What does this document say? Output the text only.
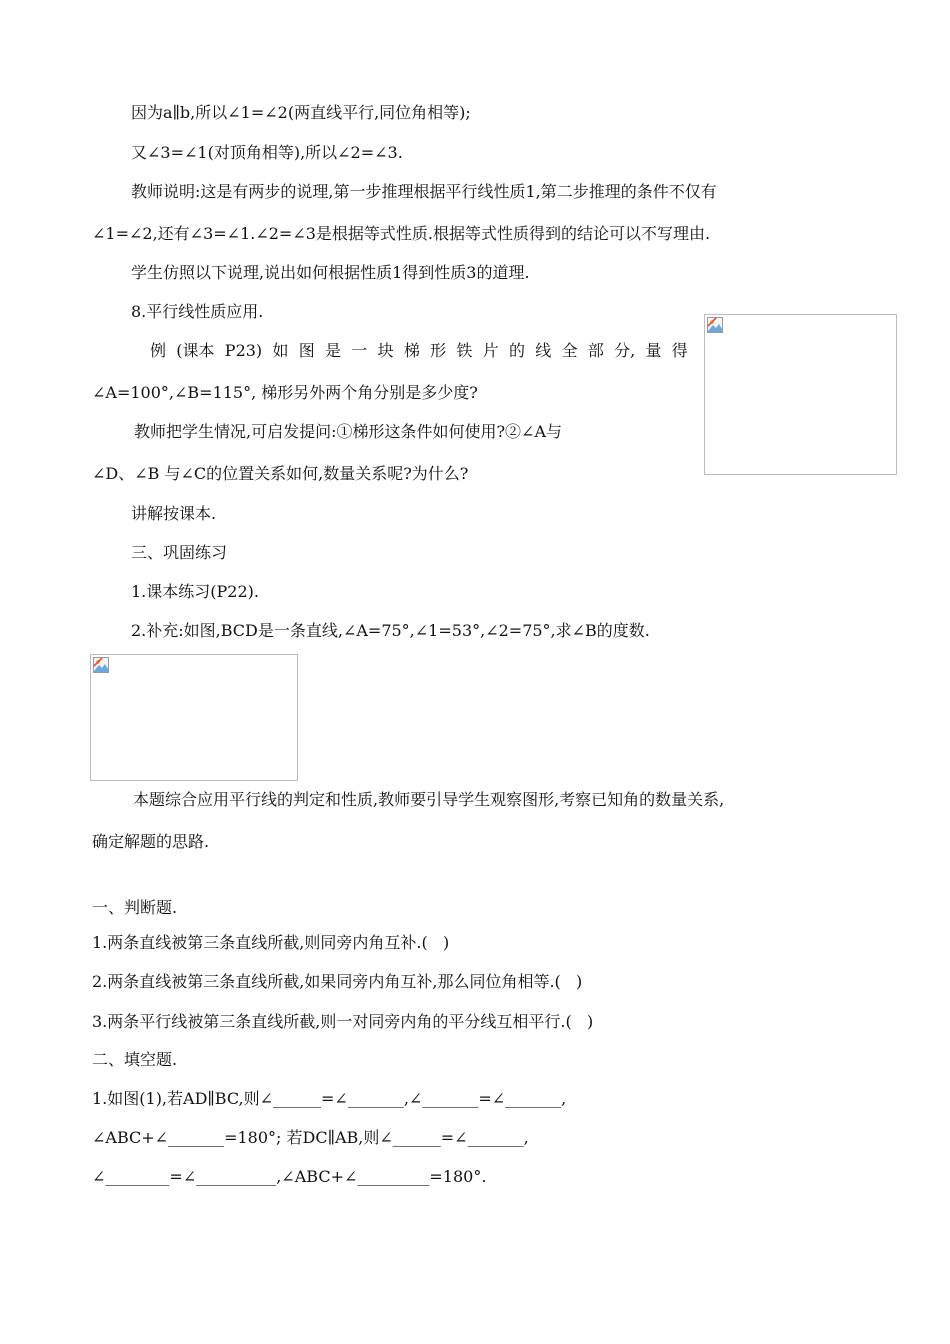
因为a∥b,所以∠1=∠2(两直线平行,同位角相等);
又∠3=∠1(对顶角相等),所以∠2=∠3.
教师说明:这是有两步的说理,第一步推理根据平行线性质1,第二步推理的条件不仅有
∠1=∠2,还有∠3=∠1.∠2=∠3是根据等式性质.根据等式性质得到的结论可以不写理由.
学生仿照以下说理,说出如何根据性质1得到性质3的道理.
8.平行线性质应用.
例 (课本 P23) 如 图 是 一 块 梯 形 铁 片 的 线 全 部 分, 量 得
∠A=100°,∠B=115°, 梯形另外两个角分别是多少度?
教师把学生情况,可启发提问:①梯形这条件如何使用?②∠A与
∠D、∠B 与∠C的位置关系如何,数量关系呢?为什么?
讲解按课本.
三、巩固练习
1.课本练习(P22).
2.补充:如图,BCD是一条直线,∠A=75°,∠1=53°,∠2=75°,求∠B的度数.
本题综合应用平行线的判定和性质,教师要引导学生观察图形,考察已知角的数量关系,
确定解题的思路.
一、判断题.
1.两条直线被第三条直线所截,则同旁内角互补.(   )
2.两条直线被第三条直线所截,如果同旁内角互补,那么同位角相等.(   )
3.两条平行线被第三条直线所截,则一对同旁内角的平分线互相平行.(   )
二、填空题.
1.如图(1),若AD∥BC,则∠______=∠_______,∠_______=∠_______,
∠ABC+∠_______=180°; 若DC∥AB,则∠______=∠_______,
∠________=∠__________,∠ABC+∠_________=180°.
